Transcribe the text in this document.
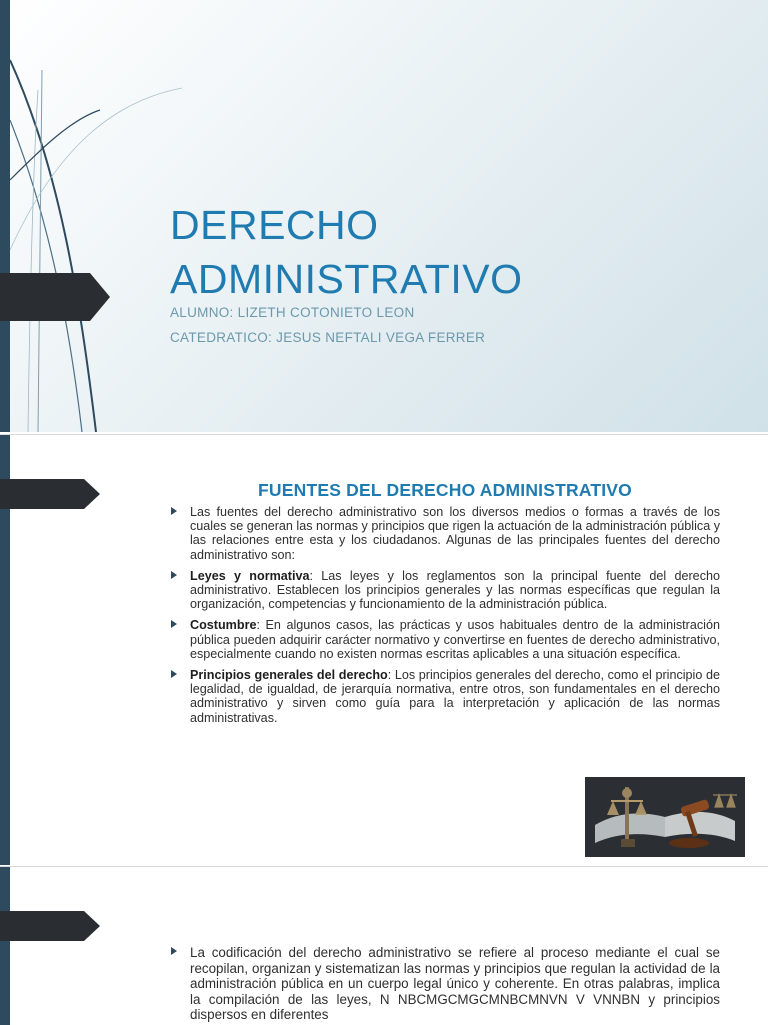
DERECHO
ADMINISTRATIVO

ALUMNO: LIZETH COTONIETO LEON

CATEDRATICO: JESUS NEFTALI VEGA FERRER

FUENTES DEL DERECHO ADMINISTRATIVO
Las fuentes del derecho administrativo son los diversos medios o formas a través de los cuales se generan las normas y principios que rigen la actuación de la administración pública y las relaciones entre esta y los ciudadanos. Algunas de las principales fuentes del derecho administrativo son:
Leyes y normativa: Las leyes y los reglamentos son la principal fuente del derecho administrativo. Establecen los principios generales y las normas específicas que regulan la organización, competencias y funcionamiento de la administración pública.
Costumbre: En algunos casos, las prácticas y usos habituales dentro de la administración pública pueden adquirir carácter normativo y convertirse en fuentes de derecho administrativo, especialmente cuando no existen normas escritas aplicables a una situación específica.
Principios generales del derecho: Los principios generales del derecho, como el principio de legalidad, de igualdad, de jerarquía normativa, entre otros, son fundamentales en el derecho administrativo y sirven como guía para la interpretación y aplicación de las normas administrativas.
La codificación del derecho administrativo se refiere al proceso mediante el cual se recopilan, organizan y sistematizan las normas y principios que regulan la actividad de la administración pública en un cuerpo legal único y coherente. En otras palabras, implica la compilación de las leyes, N NBCMGCMGCMNBCMNVN V VNNBN y principios dispersos en diferentes
